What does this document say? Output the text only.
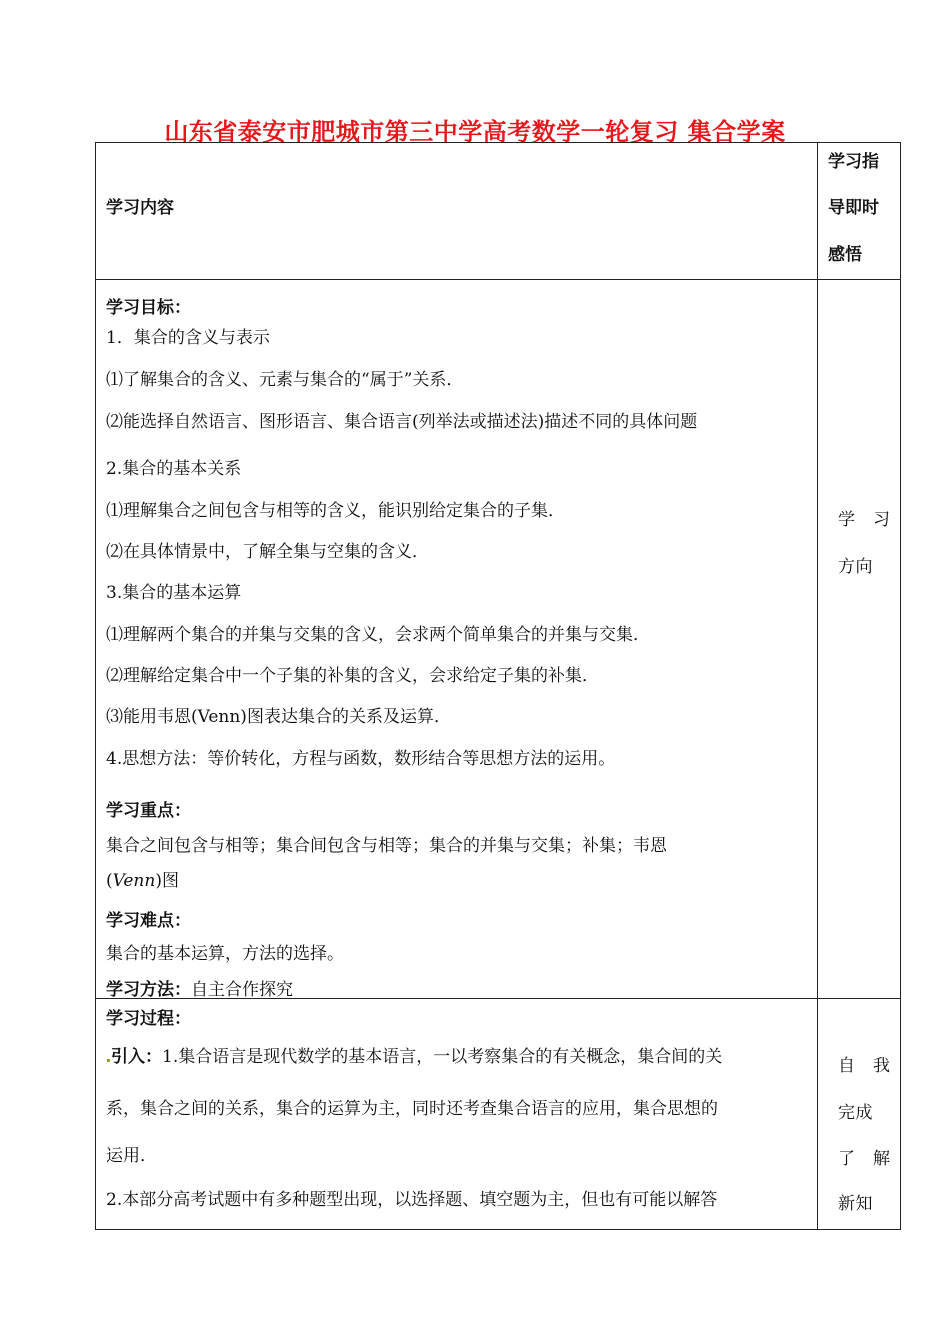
山东省泰安市肥城市第三中学高考数学一轮复习 集合学案
学习内容
学习指
导即时
感悟
学习目标：
1．集合的含义与表示
⑴了解集合的含义、元素与集合的“属于”关系．
⑵能选择自然语言、图形语言、集合语言(列举法或描述法)描述不同的具体问题
2.集合的基本关系
⑴理解集合之间包含与相等的含义，能识别给定集合的子集．
⑵在具体情景中，了解全集与空集的含义．
3.集合的基本运算
⑴理解两个集合的并集与交集的含义，会求两个简单集合的并集与交集．
⑵理解给定集合中一个子集的补集的含义，会求给定子集的补集．
⑶能用韦恩(Venn)图表达集合的关系及运算．
4.思想方法：等价转化，方程与函数，数形结合等思想方法的运用。
学习重点：
集合之间包含与相等；集合间包含与相等；集合的并集与交集；补集；韦恩
(Venn)图
学习难点：
集合的基本运算，方法的选择。
学习方法：自主合作探究
学　习
方向
学习过程：
引入：1.集合语言是现代数学的基本语言，一以考察集合的有关概念，集合间的关
系，集合之间的关系，集合的运算为主，同时还考查集合语言的应用，集合思想的
运用．
2.本部分高考试题中有多种题型出现，以选择题、填空题为主，但也有可能以解答
自　我
完成
了　解
新知
